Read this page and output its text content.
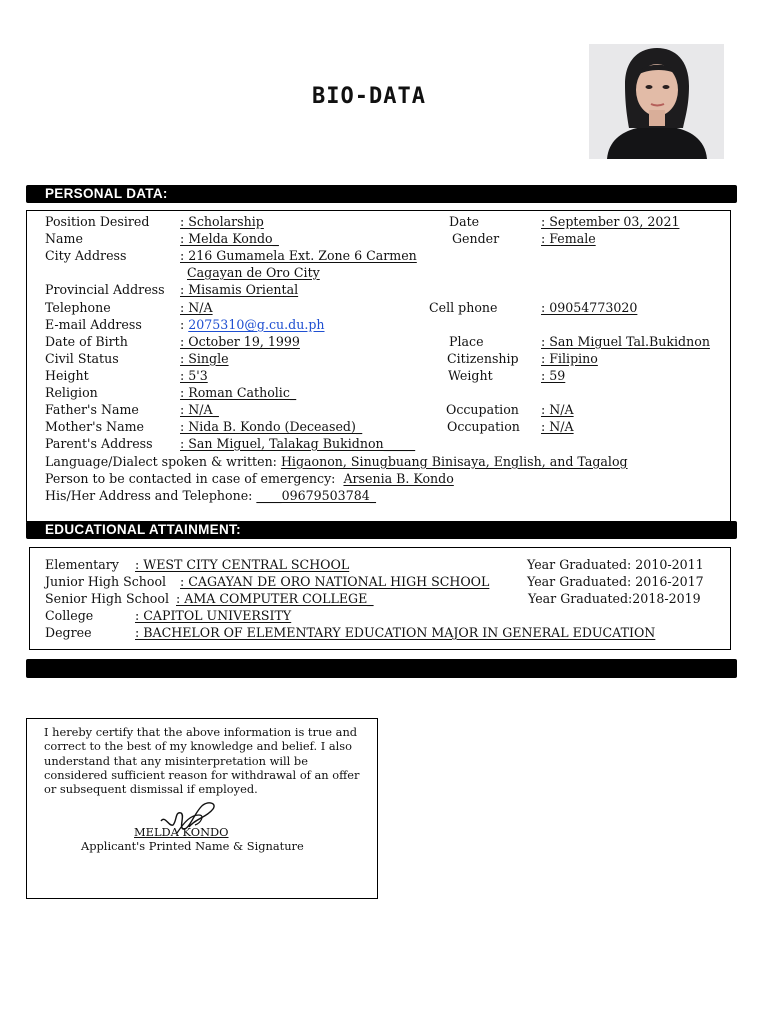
BIO-DATA
PERSONAL DATA:
Position Desired : Scholarship	Date	: September 03, 2021
Name	: Melda Kondo_	Gender	: Female
City Address	: 216 Gumamela Ext. Zone 6 Carmen
Cagayan de Oro City
Provincial Address : Misamis Oriental
Telephone	: N/A	Cell phone	: 09054773020
E-mail Address	: 2075310@g.cu.du.ph
Date of Birth	: October 19, 1999	Place	: San Miguel Tal.Bukidnon
Civil Status	: Single	Citizenship : Filipino
Height	: 5'3	Weight	: 59
Religion	: Roman Catholic_
Father's Name	: N/A_	Occupation : N/A
Mother's Name	: Nida B. Kondo (Deceased)_	Occupation : N/A
Parent's Address : San Miguel, Talakag Bukidnon_____
Language/Dialect spoken & written: Higaonon, Sinugbuang Binisaya, English, and Tagalog
Person to be contacted in case of emergency:  Arsenia B. Kondo
His/Her Address and Telephone: ____09679503784_
EDUCATIONAL ATTAINMENT:
Elementary : WEST CITY CENTRAL SCHOOL	Year Graduated: 2010-2011
Junior High School : CAGAYAN DE ORO NATIONAL HIGH SCHOOL	Year Graduated: 2016-2017
Senior High School : AMA COMPUTER COLLEGE_	Year Graduated:2018-2019
College	: CAPITOL UNIVERSITY
Degree	: BACHELOR OF ELEMENTARY EDUCATION MAJOR IN GENERAL EDUCATION
I hereby certify that the above information is true and correct to the best of my knowledge and belief. I also understand that any misinterpretation will be considered sufficient reason for withdrawal of an offer or subsequent dismissal if employed.
MELDA KONDO
Applicant's Printed Name & Signature
